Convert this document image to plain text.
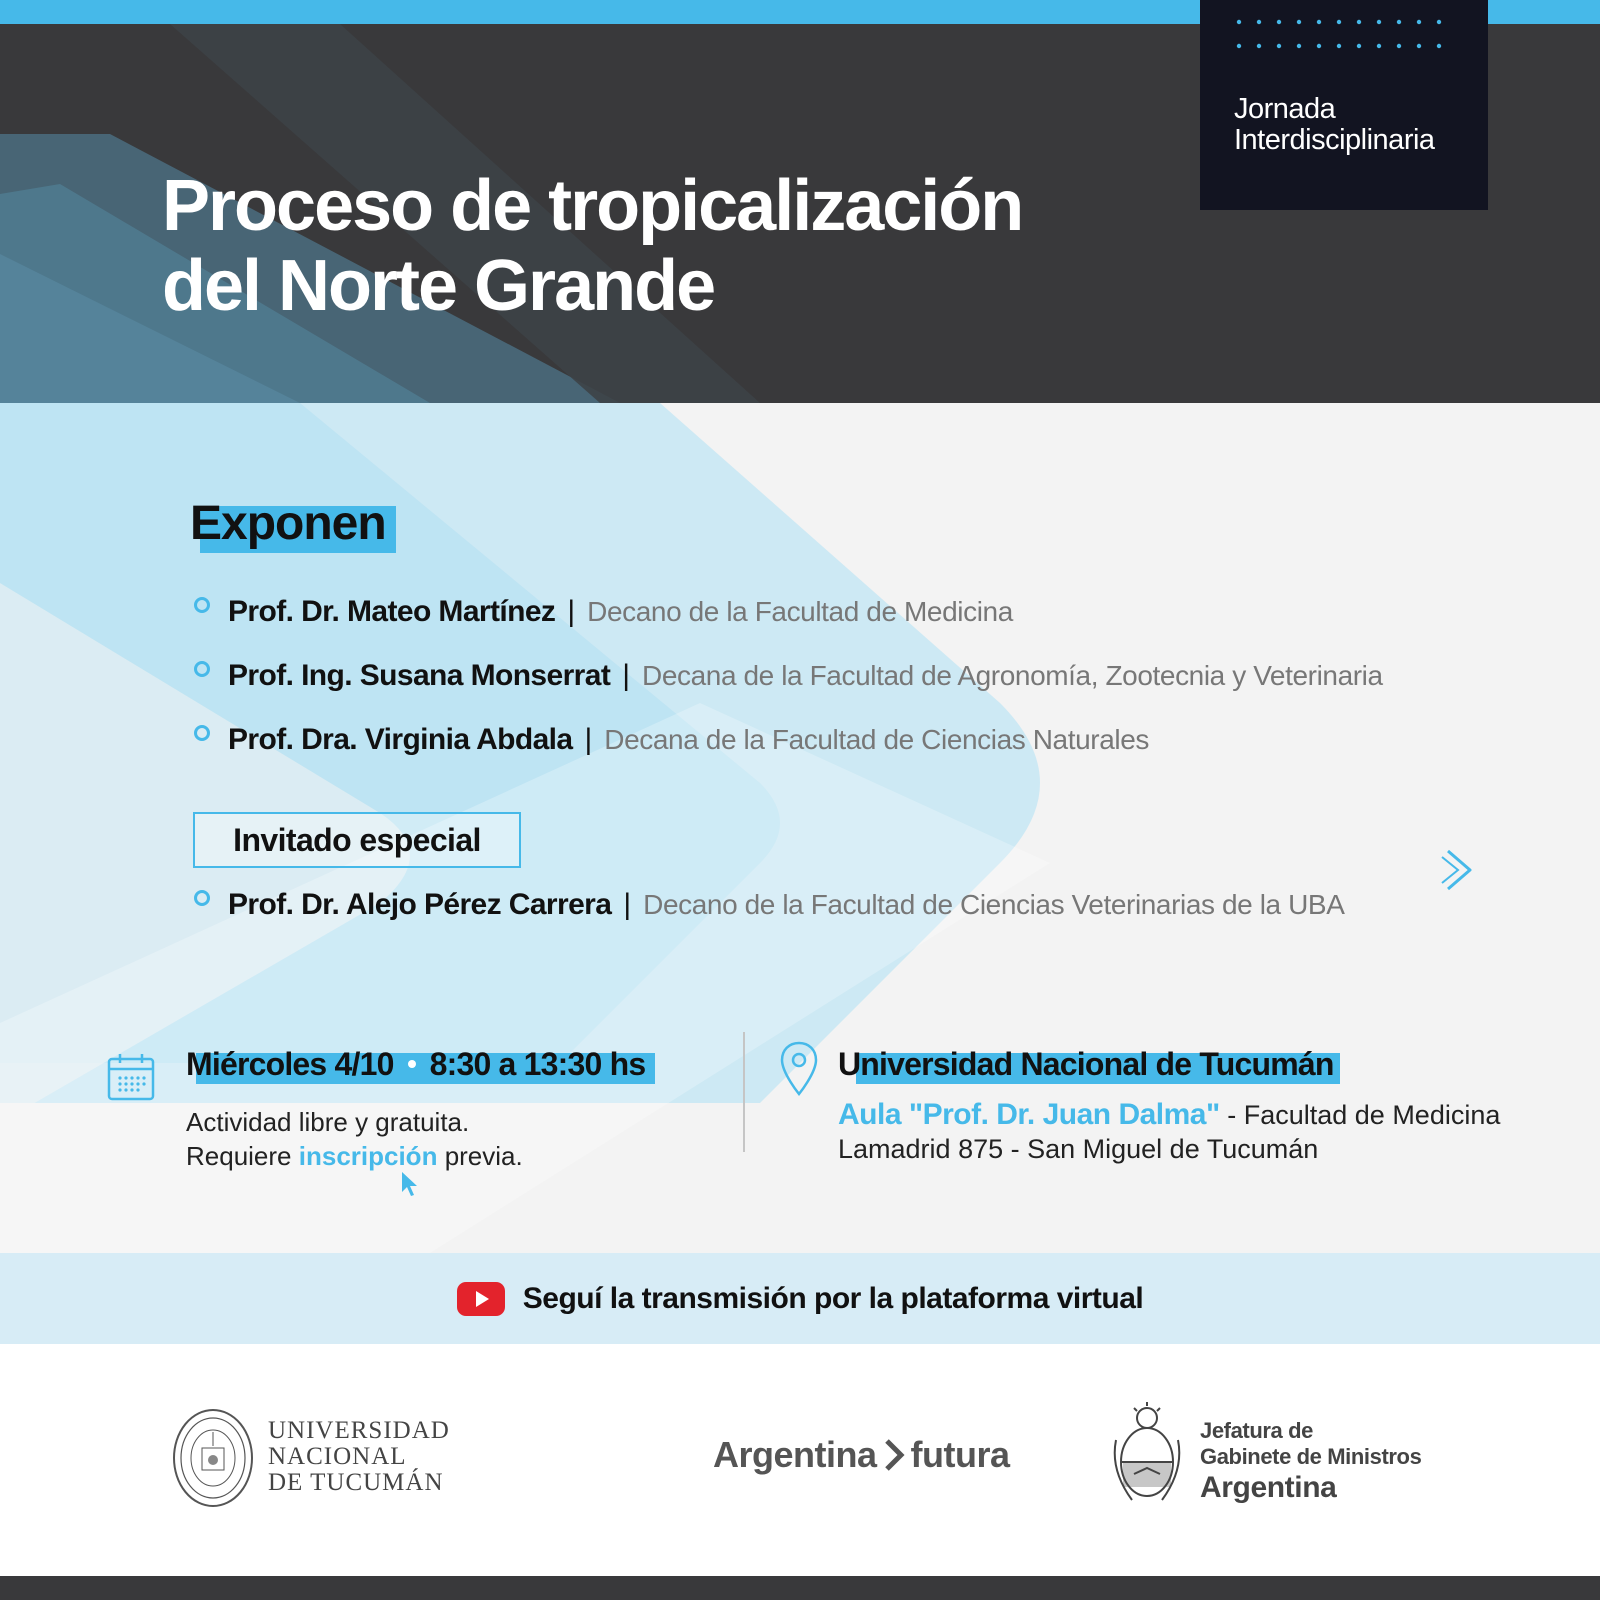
Proceso de tropicalización
del Norte Grande
Jornada
Interdisciplinaria
Exponen
Prof. Dr. Mateo Martínez | Decano de la Facultad de Medicina
Prof. Ing. Susana Monserrat | Decana de la Facultad de Agronomía, Zootecnia y Veterinaria
Prof. Dra. Virginia Abdala | Decana de la Facultad de Ciencias Naturales
Invitado especial
Prof. Dr. Alejo Pérez Carrera | Decano de la Facultad de Ciencias Veterinarias de la UBA
Miércoles 4/10 8:30 a 13:30 hs
Actividad libre y gratuita.
Requiere inscripción previa.
Universidad Nacional de Tucumán
Aula "Prof. Dr. Juan Dalma" - Facultad de Medicina
Lamadrid 875 - San Miguel de Tucumán
Seguí la transmisión por la plataforma virtual
UNIVERSIDAD
NACIONAL
DE TUCUMÁN
Argentina futura
Jefatura de
Gabinete de Ministros
Argentina
